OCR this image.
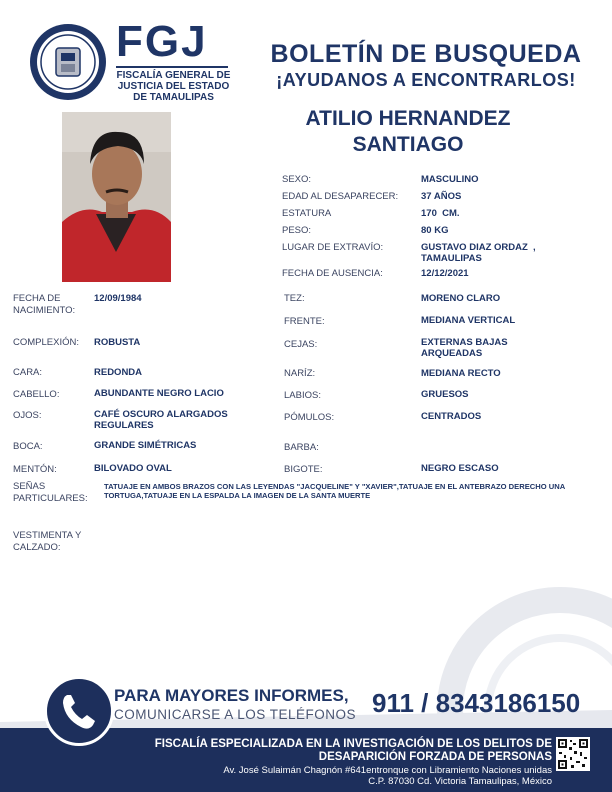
FGJ
FISCALÍA GENERAL DE
JUSTICIA DEL ESTADO
DE TAMAULIPAS
BOLETÍN DE BUSQUEDA
¡AYUDANOS A ENCONTRARLOS!
ATILIO HERNANDEZ
SANTIAGO
SEXO:	MASCULINO
EDAD AL DESAPARECER: 37 AÑOS
ESTATURA	170  CM.
PESO:	80 KG
LUGAR DE EXTRAVÍO:	GUSTAVO DIAZ ORDAZ  ,
TAMAULIPAS
FECHA DE AUSENCIA:	12/12/2021
FECHA DE
NACIMIENTO:
12/09/1984
COMPLEXIÓN: ROBUSTA
CARA:	REDONDA
CABELLO:	ABUNDANTE NEGRO LACIO
OJOS:	CAFÉ OSCURO ALARGADOS
REGULARES
BOCA:	GRANDE SIMÉTRICAS
MENTÓN:	BILOVADO OVAL
TEZ:	MORENO CLARO
FRENTE:	MEDIANA VERTICAL
CEJAS:	EXTERNAS BAJAS
ARQUEADAS
NARÍZ:	MEDIANA RECTO
LABIOS:	GRUESOS
PÓMULOS:	CENTRADOS
BARBA:
BIGOTE:	NEGRO ESCASO
SEÑAS
PARTICULARES:
TATUAJE EN AMBOS BRAZOS CON LAS LEYENDAS "JACQUELINE" Y "XAVIER",TATUAJE EN EL ANTEBRAZO DERECHO UNA TORTUGA,TATUAJE EN LA ESPALDA LA IMAGEN DE LA SANTA MUERTE
VESTIMENTA Y
CALZADO:
PARA MAYORES INFORMES,
COMUNICARSE A LOS TELÉFONOS 911 / 8343186150
FISCALÍA ESPECIALIZADA EN LA INVESTIGACIÓN DE LOS DELITOS DE
DESAPARICIÓN FORZADA DE PERSONAS
Av. José Sulaimán Chagnón #641entronque con Libramiento Naciones unidas
C.P. 87030 Cd. Victoria Tamaulipas, México
